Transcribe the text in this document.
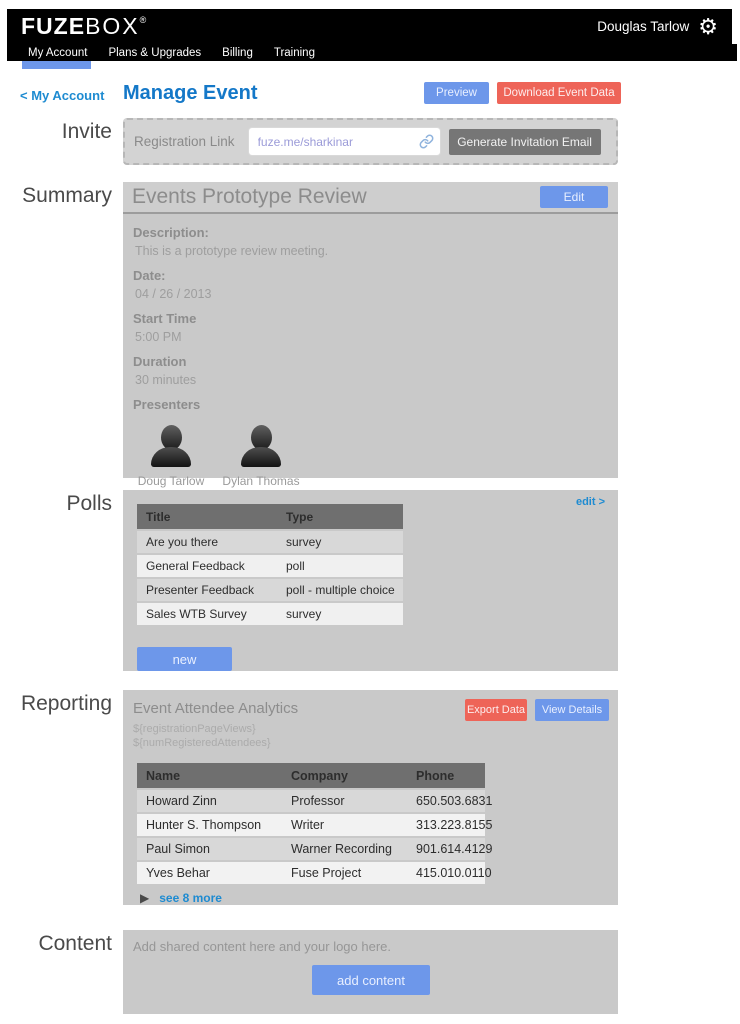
FUZE BOX ®	Douglas Tarlow ⚙
My Account Plans & Upgrades Billing Training
< My Account Manage Event	Preview	Download Event Data
Invite Registration Link
fuze.me/sharkinar	Generate Invitation Email
Summary Events Prototype Review	Edit
Description:
This is a prototype review meeting.
Date:
04 / 26 / 2013
Start Time
5:00 PM
Duration
30 minutes
Presenters
Doug Tarlow Dylan Thomas
Polls	edit >
Title	Type
Are you there	survey
General Feedback	poll
Presenter Feedback	poll - multiple choice
Sales WTB Survey	survey
new
Reporting	Event Attendee Analytics
${registrationPageViews}
${numRegisteredAttendees}
Export Data	View Details
Name	Company	Phone
Howard Zinn	Professor	650.503.6831
Hunter S. Thompson	Writer	313.223.8155
Paul Simon	Warner Recording	901.614.4129
Yves Behar	Fuse Project	415.010.0110
▶ see 8 more
Content	Add shared content here and your logo here.
add content
